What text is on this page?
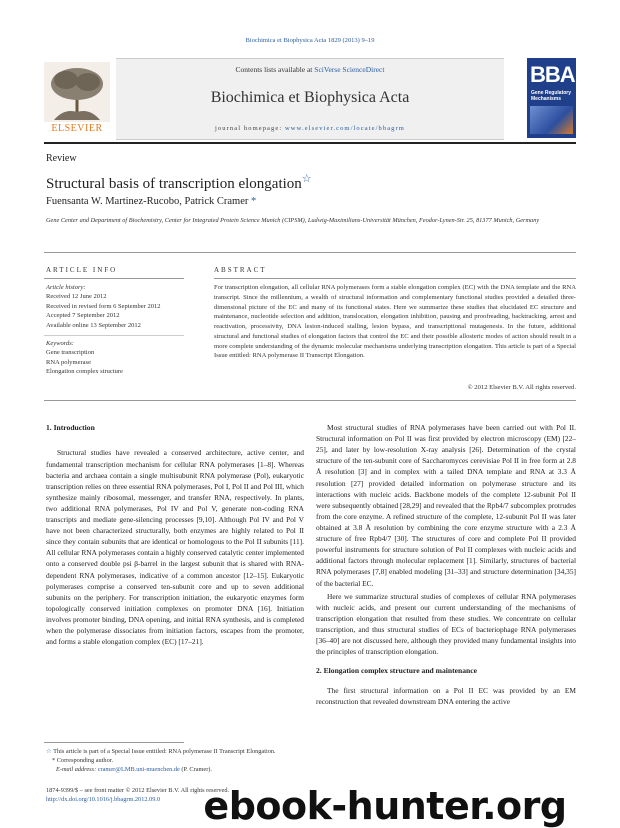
Biochimica et Biophysica Acta 1829 (2013) 9–19
ELSEVIER
Contents lists available at SciVerse ScienceDirect
Biochimica et Biophysica Acta
journal homepage: www.elsevier.com/locate/bbagrm
BBA
Gene Regulatory Mechanisms
Review
Structural basis of transcription elongation☆
Fuensanta W. Martinez-Rucobo, Patrick Cramer *
Gene Center and Department of Biochemistry, Center for Integrated Protein Science Munich (CIPSM), Ludwig-Maximilians-Universität München, Feodor-Lynen-Str. 25, 81377 Munich, Germany
ARTICLE INFO	ABSTRACT
Article history:
Received 12 June 2012
Received in revised form 6 September 2012
Accepted 7 September 2012
Available online 13 September 2012
Keywords:
Gene transcription
RNA polymerase
Elongation complex structure
For transcription elongation, all cellular RNA polymerases form a stable elongation complex (EC) with the DNA template and the RNA transcript. Since the millennium, a wealth of structural information and complementary functional studies provided a detailed three-dimensional picture of the EC and many of its functional states. Here we summarize these studies that elucidated EC structure and maintenance, nucleotide selection and addition, translocation, elongation inhibition, pausing and proofreading, backtracking, arrest and reactivation, processivity, DNA lesion-induced stalling, lesion bypass, and transcriptional mutagenesis. In the future, additional structural and functional studies of elongation factors that control the EC and their possible allosteric modes of action should result in a more complete understanding of the dynamic molecular mechanisms underlying transcription elongation. This article is part of a Special Issue entitled: RNA polymerase II Transcript Elongation.
© 2012 Elsevier B.V. All rights reserved.
1. Introduction

Structural studies have revealed a conserved architecture, active center, and fundamental transcription mechanism for cellular RNA polymerases [1–8]. Whereas bacteria and archaea contain a single multisubunit RNA polymerase (Pol), eukaryotic transcription relies on three essential RNA polymerases, Pol I, Pol II and Pol III, which synthesize mainly ribosomal, messenger, and transfer RNA, respectively. In plants, two additional RNA polymerases, Pol IV and Pol V, generate non-coding RNA transcripts and mediate gene-silencing processes [9,10]. Although Pol IV and Pol V have not been characterized structurally, both enzymes are highly related to Pol II since they contain subunits that are identical or homologous to the Pol II subunits [11]. All cellular RNA polymerases contain a highly conserved catalytic center implemented onto a conserved double psi β-barrel in the largest subunit that is shared with RNA-dependent RNA polymerases, indicative of a common ancestor [12–15]. Eukaryotic polymerases comprise a conserved ten-subunit core and up to seven additional subunits on the periphery. For transcription initiation, the eukaryotic enzymes form topologically conserved initiation complexes on promoter DNA [16]. Initiation involves promoter binding, DNA opening, and initial RNA synthesis, and is completed when the polymerase dissociates from initiation factors, escapes from the promoter, and forms a stable elongation complex (EC) [17–21].

☆ This article is part of a Special Issue entitled: RNA polymerase II Transcript Elongation.
* Corresponding author.
E-mail address: cramer@LMB.uni-muenchen.de (P. Cramer).
1874-9399/$ – see front matter © 2012 Elsevier B.V. All rights reserved.
http://dx.doi.org/10.1016/j.bbagrm.2012.09.0

Most structural studies of RNA polymerases have been carried out with Pol II. Structural information on Pol II was first provided by electron microscopy (EM) [22–25], and later by low-resolution X-ray analysis [26]. Determination of the crystal structure of the ten-subunit core of Saccharomyces cerevisiae Pol II in free form at 2.8 Å resolution [3] and in complex with a tailed DNA template and RNA at 3.3 Å resolution [27] provided detailed information on polymerase structure and its interactions with nucleic acids. Backbone models of the complete 12-subunit Pol II were subsequently obtained [28,29] and revealed that the Rpb4/7 subcomplex protrudes from the core enzyme. A refined structure of the complete, 12-subunit Pol II was later obtained at 3.8 Å resolution by combining the core enzyme structure with a 2.3 Å structure of free Rpb4/7 [30]. The structures of core and complete Pol II provided powerful instruments for structure solution of Pol II complexes with nucleic acids and additional factors through molecular replacement [1]. Similarly, structures of bacterial RNA polymerases [7,8] enabled modeling [31–33] and structure determination [34,35] of the bacterial EC.

Here we summarize structural studies of complexes of cellular RNA polymerases with nucleic acids, and present our current understanding of the mechanisms of transcription elongation that resulted from these studies. We concentrate on cellular transcription, and thus structural studies of ECs of bacteriophage RNA polymerases [36–40] are not discussed here, although they provided many fundamental insights into the principles of transcription elongation.

2. Elongation complex structure and maintenance

The first structural information on a Pol II EC was provided by an EM reconstruction that revealed downstream DNA entering the active

ebook-hunter.org
